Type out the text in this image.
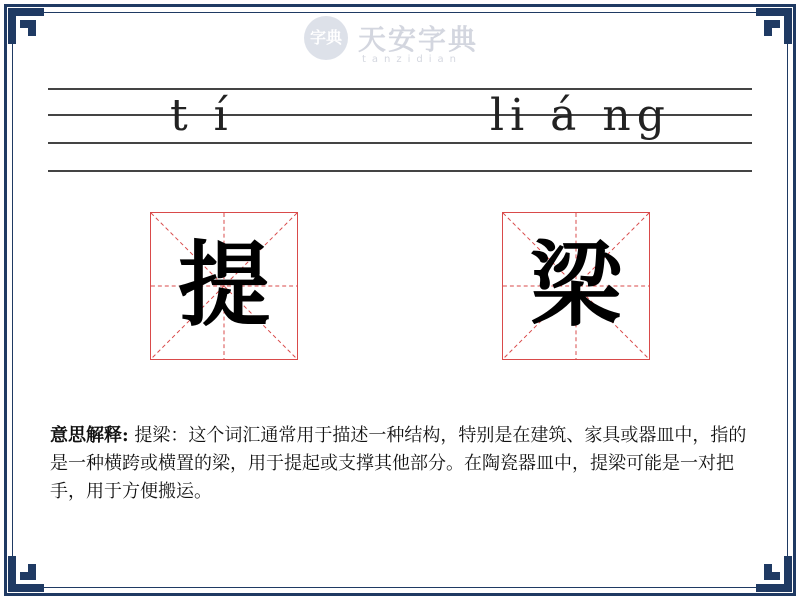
字典 天安字典
tanzidian
t í	li á ng
提	梁
意思解释: 提梁：这个词汇通常用于描述一种结构，特别是在建筑、家具或器皿中，指的是一种横跨或横置的梁，用于提起或支撑其他部分。在陶瓷器皿中，提梁可能是一对把手，用于方便搬运。
